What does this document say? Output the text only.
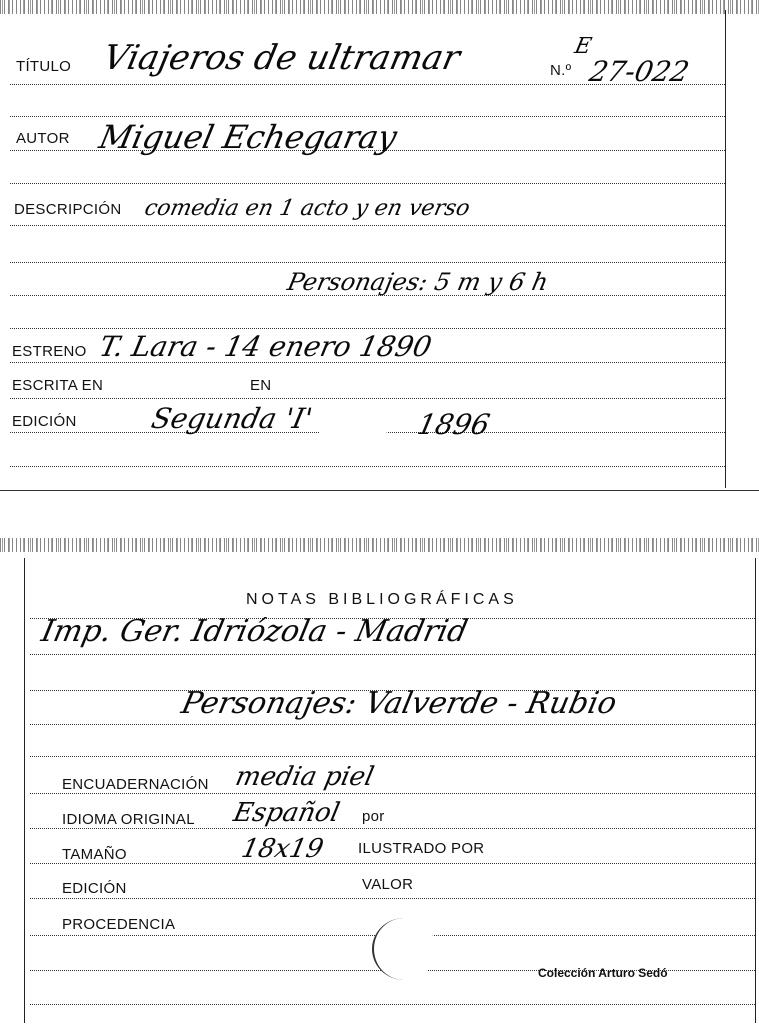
TÍTULO Viajeros de ultramar	N.º
E
27-022
AUTOR Miguel Echegaray
DESCRIPCIÓN comedia en 1 acto y en verso
Personajes: 5 m y 6 h
ESTRENO T. Lara - 14 enero 1890
ESCRITA EN	EN
EDICIÓN	Segunda 'I'	1896
NOTAS BIBLIOGRÁFICAS
Imp. Ger. Idriózola - Madrid
Personajes: Valverde - Rubio
ENCUADERNACIÓN media piel
IDIOMA ORIGINAL Español por
TAMAÑO	18x19 ILUSTRADO POR
EDICIÓN	VALOR
PROCEDENCIA
Colección Arturo Sedó
